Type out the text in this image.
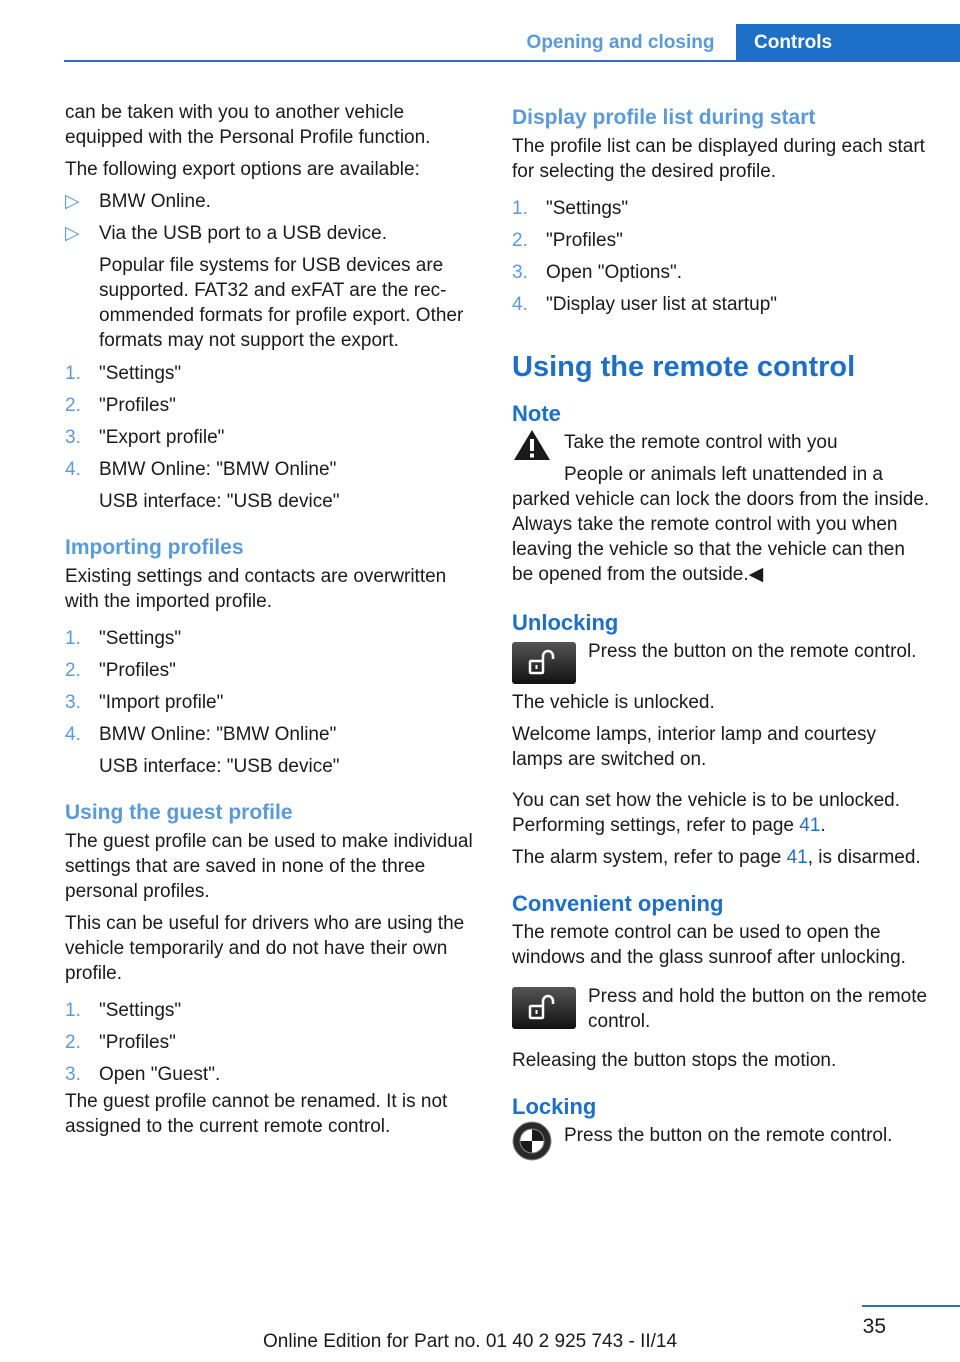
Opening and closing	Controls

can be taken with you to another vehicle equipped with the Personal Profile function.

The following export options are available:

▷	BMW Online.
▷	Via the USB port to a USB device.
Popular file systems for USB devices are supported. FAT32 and exFAT are the recommended formats for profile export. Other formats may not support the export.
1. "Settings"
2. "Profiles"
3. "Export profile"
4. BMW Online: "BMW Online"
USB interface: "USB device"
Importing profiles

Existing settings and contacts are overwritten with the imported profile.

1. "Settings"
2. "Profiles"
3. "Import profile"
4. BMW Online: "BMW Online"
USB interface: "USB device"
Using the guest profile

The guest profile can be used to make individual settings that are saved in none of the three personal profiles.

This can be useful for drivers who are using the vehicle temporarily and do not have their own profile.

1. "Settings"
2. "Profiles"
3. Open "Guest".

The guest profile cannot be renamed. It is not assigned to the current remote control.

Display profile list during start

The profile list can be displayed during each start for selecting the desired profile.

1. "Settings"
2. "Profiles"
3. Open "Options".
4. "Display user list at startup"
Using the remote control
Note

Take the remote control with you

People or animals left unattended in a

parked vehicle can lock the doors from the inside. Always take the remote control with you when leaving the vehicle so that the vehicle can then be opened from the outside.◀

Unlocking
Press the button on the remote control.

The vehicle is unlocked.

Welcome lamps, interior lamp and courtesy lamps are switched on.

You can set how the vehicle is to be unlocked. Performing settings, refer to page 41.

The alarm system, refer to page 41, is disarmed.

Convenient opening

The remote control can be used to open the windows and the glass sunroof after unlocking.

Press and hold the button on the remote control.

Releasing the button stops the motion.

Locking
Press the button on the remote control.
35
Online Edition for Part no. 01 40 2 925 743 - II/14
